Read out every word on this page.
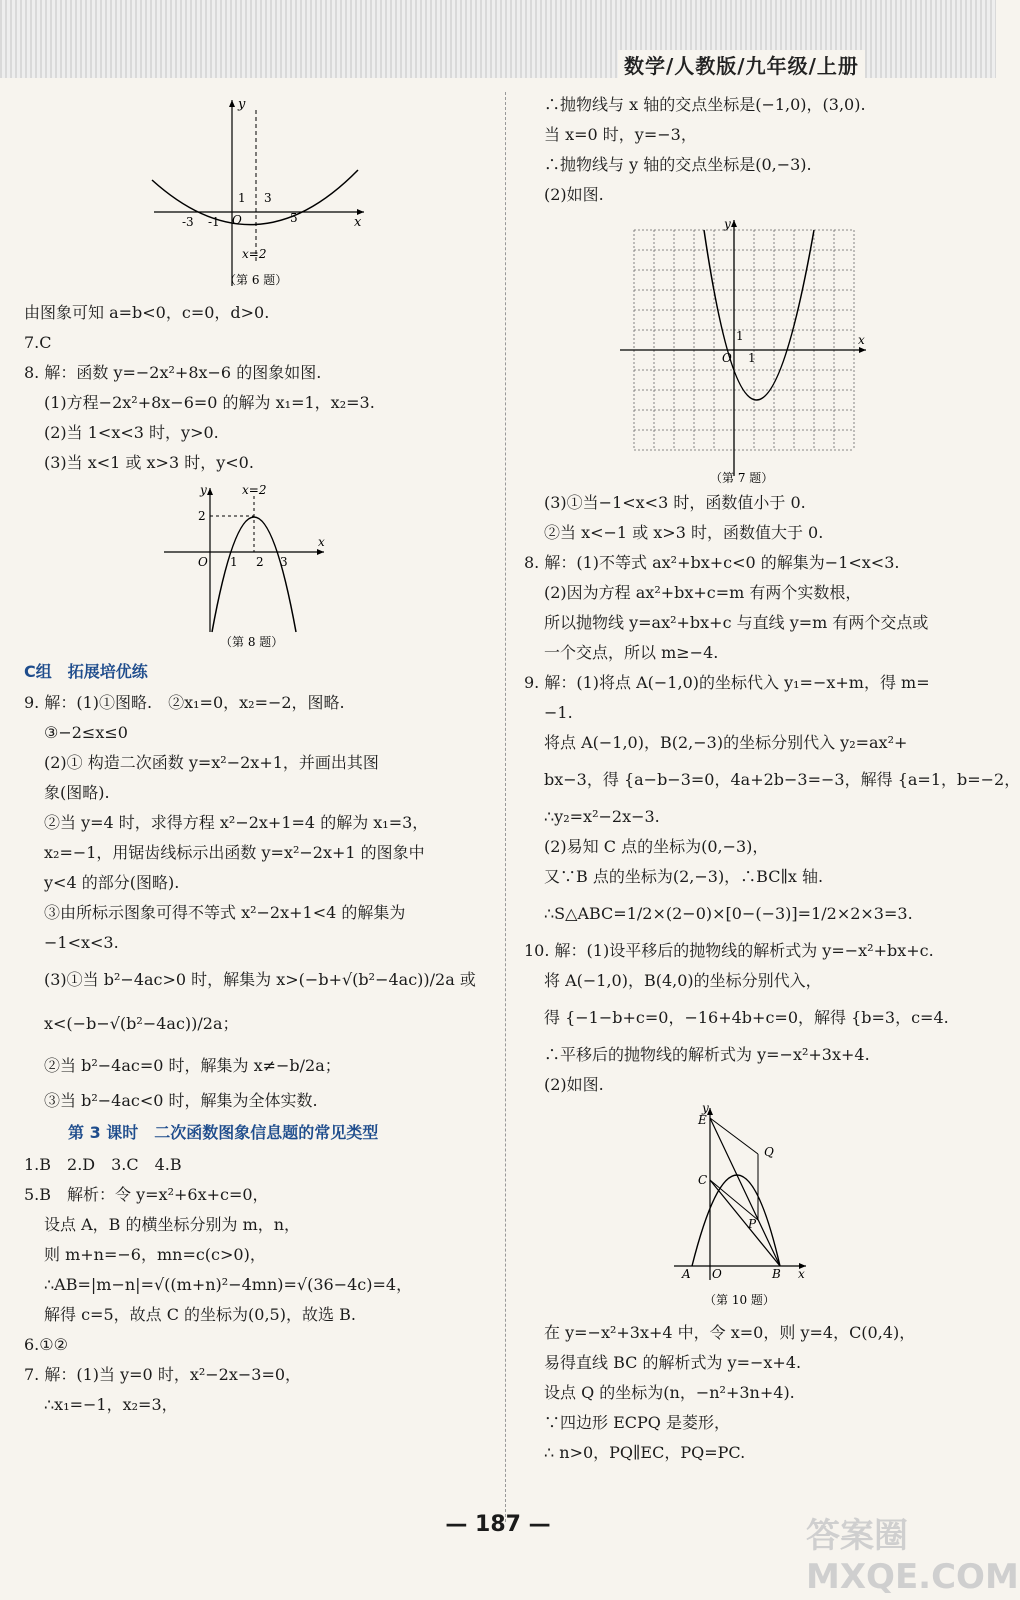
数学/人教版/九年级/上册
y
x
-3 -1 O
1 3
5
x=2
（第 6 题）
由图象可知 a=b<0，c=0，d>0.
7.C
8. 解：函数 y=−2x²+8x−6 的图象如图.
(1)方程−2x²+8x−6=0 的解为 x₁=1，x₂=3.
(2)当 1<x<3 时，y>0.
(3)当 x<1 或 x>3 时，y<0.
y
x
x=2
2
O 1 2 3
（第 8 题）
C组　拓展培优练
9. 解：(1)①图略.　②x₁=0，x₂=−2，图略.
③−2≤x≤0
(2)① 构造二次函数 y=x²−2x+1，并画出其图
象(图略).
②当 y=4 时，求得方程 x²−2x+1=4 的解为 x₁=3，
x₂=−1，用锯齿线标示出函数 y=x²−2x+1 的图象中
y<4 的部分(图略).
③由所标示图象可得不等式 x²−2x+1<4 的解集为
−1<x<3.
(3)①当 b²−4ac>0 时，解集为 x>(−b+√(b²−4ac))/2a 或
x<(−b−√(b²−4ac))/2a；
②当 b²−4ac=0 时，解集为 x≠−b/2a；
③当 b²−4ac<0 时，解集为全体实数.
第 3 课时　二次函数图象信息题的常见类型
1.B　2.D　3.C　4.B
5.B　解析：令 y=x²+6x+c=0，
设点 A，B 的横坐标分别为 m，n，
则 m+n=−6，mn=c(c>0)，
∴AB=|m−n|=√((m+n)²−4mn)=√(36−4c)=4，
解得 c=5，故点 C 的坐标为(0,5)，故选 B.
6.①②
7. 解：(1)当 y=0 时，x²−2x−3=0，
∴x₁=−1，x₂=3，
∴抛物线与 x 轴的交点坐标是(−1,0)，(3,0).
当 x=0 时，y=−3，
∴抛物线与 y 轴的交点坐标是(0,−3).
(2)如图.
y
x
O 1
1
（第 7 题）
(3)①当−1<x<3 时，函数值小于 0.
②当 x<−1 或 x>3 时，函数值大于 0.
8. 解：(1)不等式 ax²+bx+c<0 的解集为−1<x<3.
(2)因为方程 ax²+bx+c=m 有两个实数根，
所以抛物线 y=ax²+bx+c 与直线 y=m 有两个交点或
一个交点，所以 m≥−4.
9. 解：(1)将点 A(−1,0)的坐标代入 y₁=−x+m，得 m=
−1.
将点 A(−1,0)，B(2,−3)的坐标分别代入 y₂=ax²+
bx−3，得 {a−b−3=0，4a+2b−3=−3，解得 {a=1，b=−2，
∴y₂=x²−2x−3.
(2)易知 C 点的坐标为(0,−3)，
又∵B 点的坐标为(2,−3)，∴BC∥x 轴.
∴S△ABC=1/2×(2−0)×[0−(−3)]=1/2×2×3=3.
10. 解：(1)设平移后的抛物线的解析式为 y=−x²+bx+c.
将 A(−1,0)，B(4,0)的坐标分别代入，
得 {−1−b+c=0，−16+4b+c=0，解得 {b=3，c=4.
∴平移后的抛物线的解析式为 y=−x²+3x+4.
(2)如图.
y
E
Q
C
P
A O	B x
（第 10 题）
在 y=−x²+3x+4 中，令 x=0，则 y=4，C(0,4)，
易得直线 BC 的解析式为 y=−x+4.
设点 Q 的坐标为(n，−n²+3n+4).
∵四边形 ECPQ 是菱形，
∴ n>0，PQ∥EC，PQ=PC.
— 187 —	答案圈 MXQE.COM
